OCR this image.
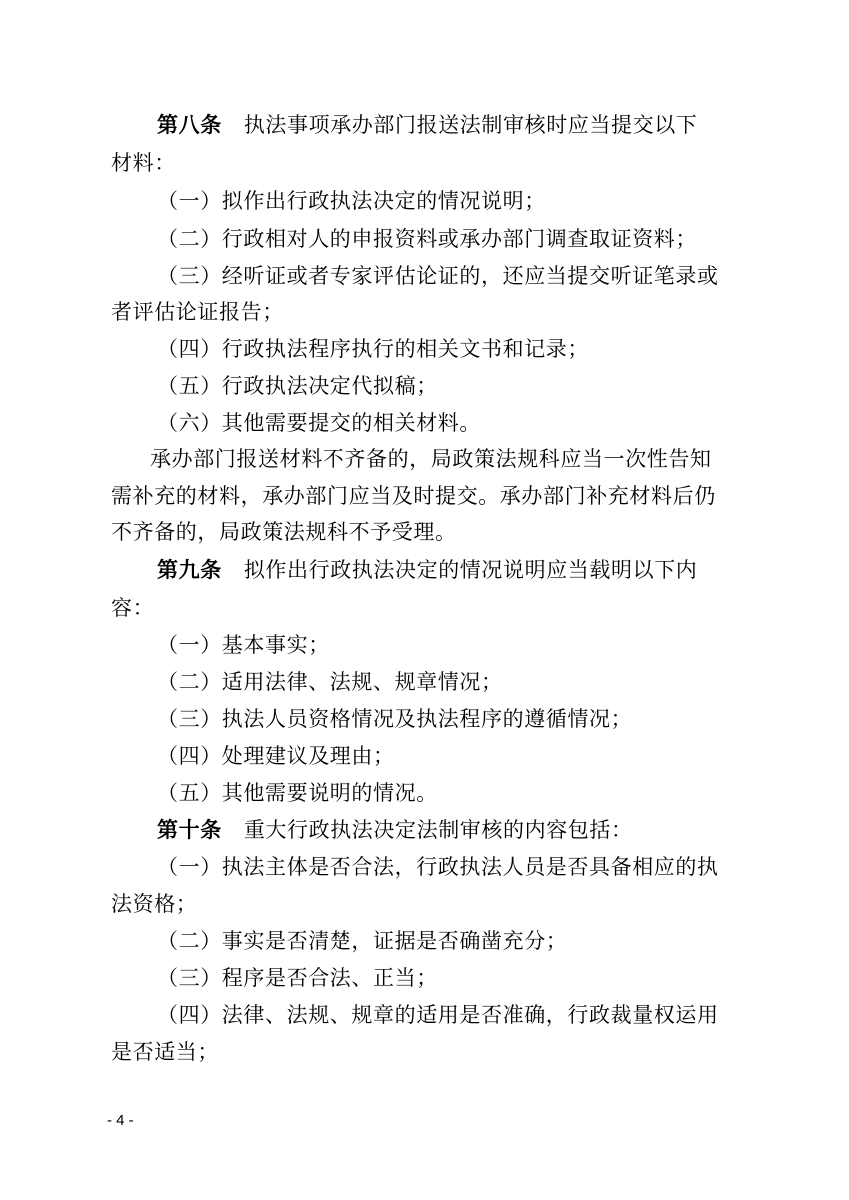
第八条 执法事项承办部门报送法制审核时应当提交以下
材料：
（一）拟作出行政执法决定的情况说明；
（二）行政相对人的申报资料或承办部门调查取证资料；
（三）经听证或者专家评估论证的，还应当提交听证笔录或
者评估论证报告；
（四）行政执法程序执行的相关文书和记录；
（五）行政执法决定代拟稿；
（六）其他需要提交的相关材料。
承办部门报送材料不齐备的，局政策法规科应当一次性告知
需补充的材料，承办部门应当及时提交。承办部门补充材料后仍
不齐备的，局政策法规科不予受理。
第九条 拟作出行政执法决定的情况说明应当载明以下内
容：
（一）基本事实；
（二）适用法律、法规、规章情况；
（三）执法人员资格情况及执法程序的遵循情况；
（四）处理建议及理由；
（五）其他需要说明的情况。
第十条 重大行政执法决定法制审核的内容包括：
（一）执法主体是否合法，行政执法人员是否具备相应的执
法资格；
（二）事实是否清楚，证据是否确凿充分；
（三）程序是否合法、正当；
（四）法律、法规、规章的适用是否准确，行政裁量权运用
是否适当；
- 4 -
